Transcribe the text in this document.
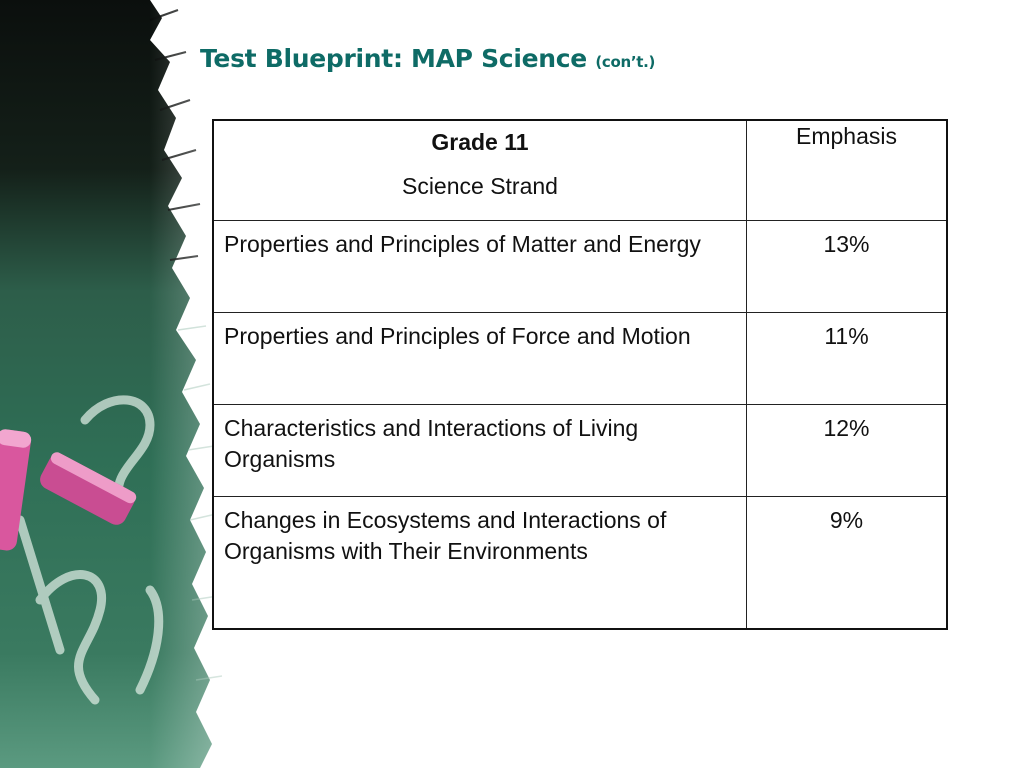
Test Blueprint: MAP Science (con’t.)
Grade 11
Science Strand	Emphasis
Properties and Principles of Matter and Energy	13%
Properties and Principles of Force and Motion	11%
Characteristics and Interactions of Living Organisms	12%
Changes in Ecosystems and Interactions of Organisms with Their Environments	9%
